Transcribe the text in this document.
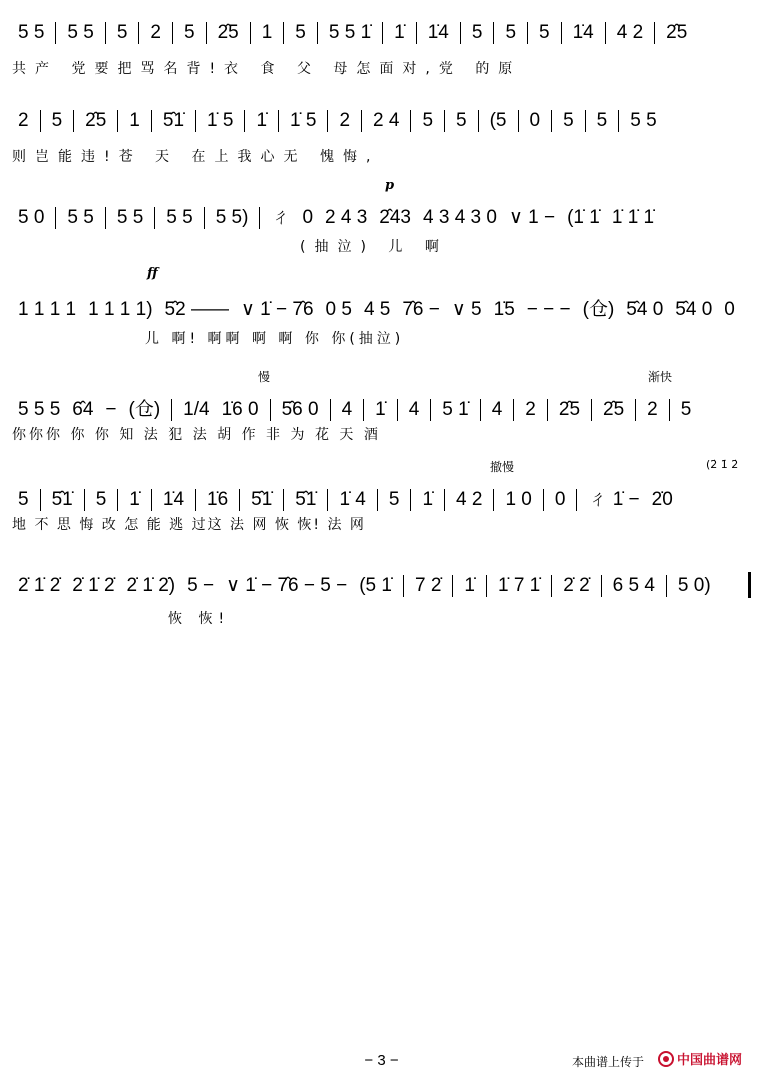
5 5	5 5	5	2	5	2̂5	1	5	5 5 1̇	1̇	1̇4	5	5	5	1̇4	4 2	2̂5
共产 党要把骂名背!衣 食 父 母怎面对,党 的原
2	5	2̂5	1	5̂1̇	1̇ 5	1̇	1̇ 5	2	2 4	5	5	(5	0	5	5	5 5
则岂能违!苍 天 在上我心无 愧悔,
p
5 0	5 5	5 5	5 5	5 5)	ㄔ 0 2 4 3 2̂43 4 3 4 3 0 ∨ 1 − (1̇ 1̇ 1̇ 1̇ 1̇
(抽泣) 儿 啊
ff
1 1 1 1 1 1 1 1) 5̂2 —— ∨ 1̇ − 7̂6 0 5 4 5 7̂6 − ∨ 5 1̇5 − − − (仓) 5̂4 0 5̂4 0 0
儿 啊! 啊啊 啊 啊 你 你(抽泣)
慢	渐快
5 5 5 6̂4 − (仓)	1/4 1̇6 0	5̂6 0	4	1̇	4	5 1̇	4	2	2̂5	2̂5	2	5
你你你 你 你 知 法 犯 法 胡 作 非 为 花 天 酒
撤慢	(2̇ 1̇ 2̇
5	5̂1̇	5	1̇	1̇4	1̇6	5̂1̇	5̂1̇	1̇ 4	5	1̇	4 2	1 0	0	ㄔ 1̇ − 2̇0
地 不 思 悔 改 怎 能 逃 过这 法 网 恢 恢! 法 网
2̇ 1̇ 2̇ 2̇ 1̇ 2̇ 2̇ 1̇ 2̇) 5 − ∨ 1̇ − 7̂6 − 5 − (5 1̇	7 2̇	1̇	1̇ 7 1̇	2̇ 2̇	6 5 4	5 0)
恢 恢!
− 3 −	本曲谱上传于	中国曲谱网
